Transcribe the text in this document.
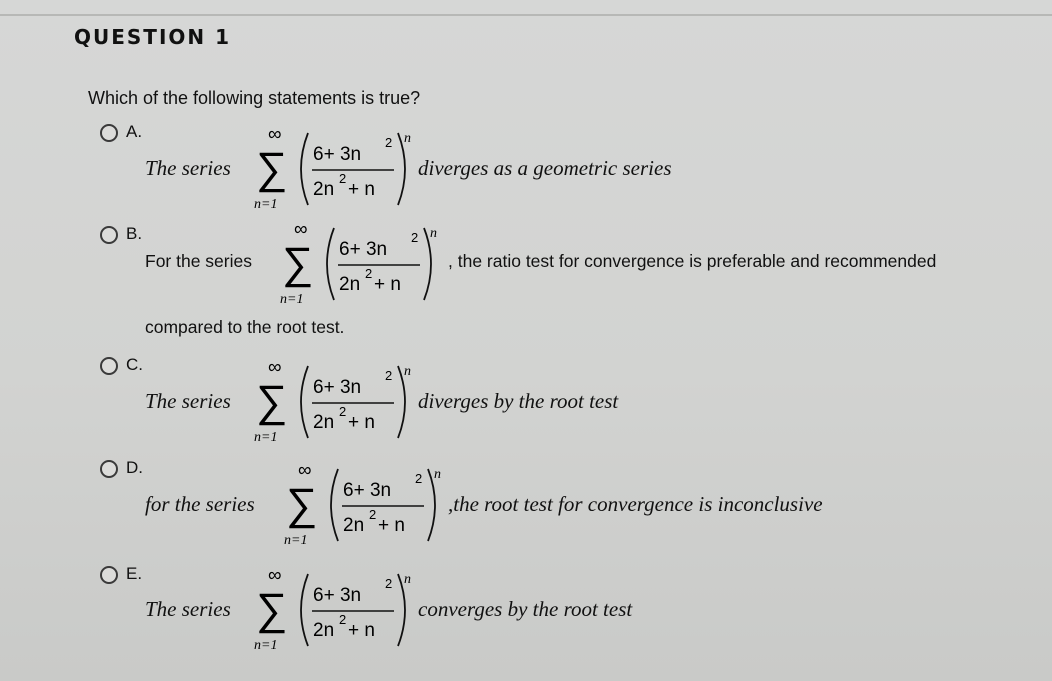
QUESTION 1
Which of the following statements is true?
A.
The series
∞
∑
n=1
6+ 3n
2
2n
2
+ n
n
diverges as a geometric series
B.
For the series
∞
∑
n=1
6+ 3n
2
2n
2
+ n
n
, the ratio test for convergence is preferable and recommended
compared to the root test.
C.
The series
∞
∑
n=1
6+ 3n
2
2n
2
+ n
n
diverges by the root test
D.
for the series
∞
∑
n=1
6+ 3n
2
2n
2
+ n
n
,the root test for convergence is inconclusive
E.
The series
∞
∑
n=1
6+ 3n
2
2n
2
+ n
n
converges by the root test
